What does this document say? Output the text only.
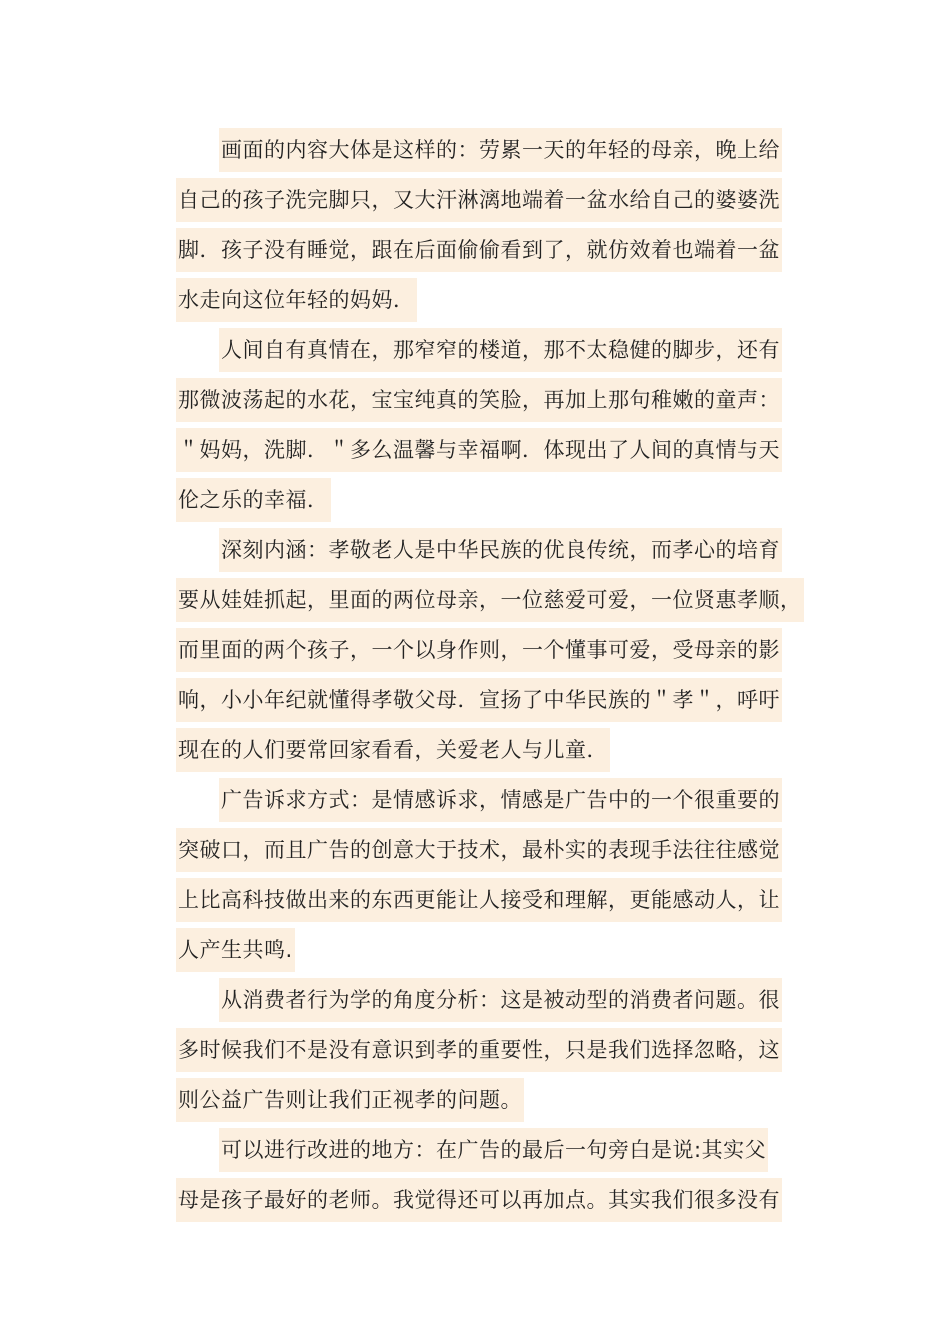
画面的内容大体是这样的：劳累一天的年轻的母亲，晚上给
自己的孩子洗完脚只，又大汗淋漓地端着一盆水给自己的婆婆洗
脚．孩子没有睡觉，跟在后面偷偷看到了，就仿效着也端着一盆
水走向这位年轻的妈妈．
人间自有真情在，那窄窄的楼道，那不太稳健的脚步，还有
那微波荡起的水花，宝宝纯真的笑脸，再加上那句稚嫩的童声：
＂妈妈，洗脚．＂多么温馨与幸福啊．体现出了人间的真情与天
伦之乐的幸福．
深刻内涵：孝敬老人是中华民族的优良传统，而孝心的培育
要从娃娃抓起，里面的两位母亲，一位慈爱可爱，一位贤惠孝顺，
而里面的两个孩子，一个以身作则，一个懂事可爱，受母亲的影
响，小小年纪就懂得孝敬父母．宣扬了中华民族的＂孝＂，呼吁
现在的人们要常回家看看，关爱老人与儿童．
广告诉求方式：是情感诉求，情感是广告中的一个很重要的
突破口，而且广告的创意大于技术，最朴实的表现手法往往感觉
上比高科技做出来的东西更能让人接受和理解，更能感动人，让
人产生共鸣.
从消费者行为学的角度分析：这是被动型的消费者问题。很
多时候我们不是没有意识到孝的重要性，只是我们选择忽略，这
则公益广告则让我们正视孝的问题。
可以进行改进的地方：在广告的最后一句旁白是说:其实父
母是孩子最好的老师。我觉得还可以再加点。其实我们很多没有
